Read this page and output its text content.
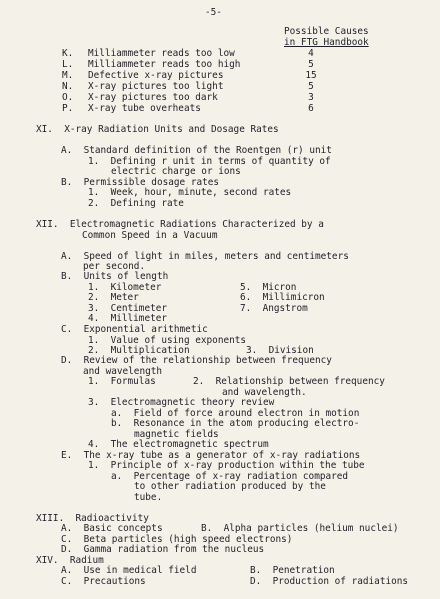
-5-
Possible Causes
in FTG Handbook
K. Milliammeter reads too low	4
L. Milliammeter reads too high	5
M. Defective x-ray pictures	15
N. X-ray pictures too light	5
O. X-ray pictures too dark	3
P. X-ray tube overheats	6
XI.  X-ray Radiation Units and Dosage Rates
A.  Standard definition of the Roentgen (r) unit
1.  Defining r unit in terms of quantity of
electric charge or ions
B.  Permissible dosage rates
1.  Week, hour, minute, second rates
2.  Defining rate
XII.  Electromagnetic Radiations Characterized by a
Common Speed in a Vacuum
A.  Speed of light in miles, meters and centimeters
per second.
B.  Units of length
1.  Kilometer
2.  Meter
3.  Centimeter
4.  Millimeter
5.  Micron
6.  Millimicron
7.  Angstrom
C.  Exponential arithmetic
1.  Value of using exponents
2.  Multiplication	3.  Division
D.  Review of the relationship between frequency
and wavelength
1.  Formulas	2.  Relationship between frequency
and wavelength.
3.  Electromagnetic theory review
a.  Field of force around electron in motion
b.  Resonance in the atom producing electro-
magnetic fields
4.  The electromagnetic spectrum
E.  The x-ray tube as a generator of x-ray radiations
1.  Principle of x-ray production within the tube
a.  Percentage of x-ray radiation compared
to other radiation produced by the
tube.
XIII.  Radioactivity
A.  Basic concepts	B.  Alpha particles (helium nuclei)
C.  Beta particles (high speed electrons)
D.  Gamma radiation from the nucleus
XIV.  Radium
A.  Use in medical field	B.  Penetration
C.  Precautions	D.  Production of radiations
